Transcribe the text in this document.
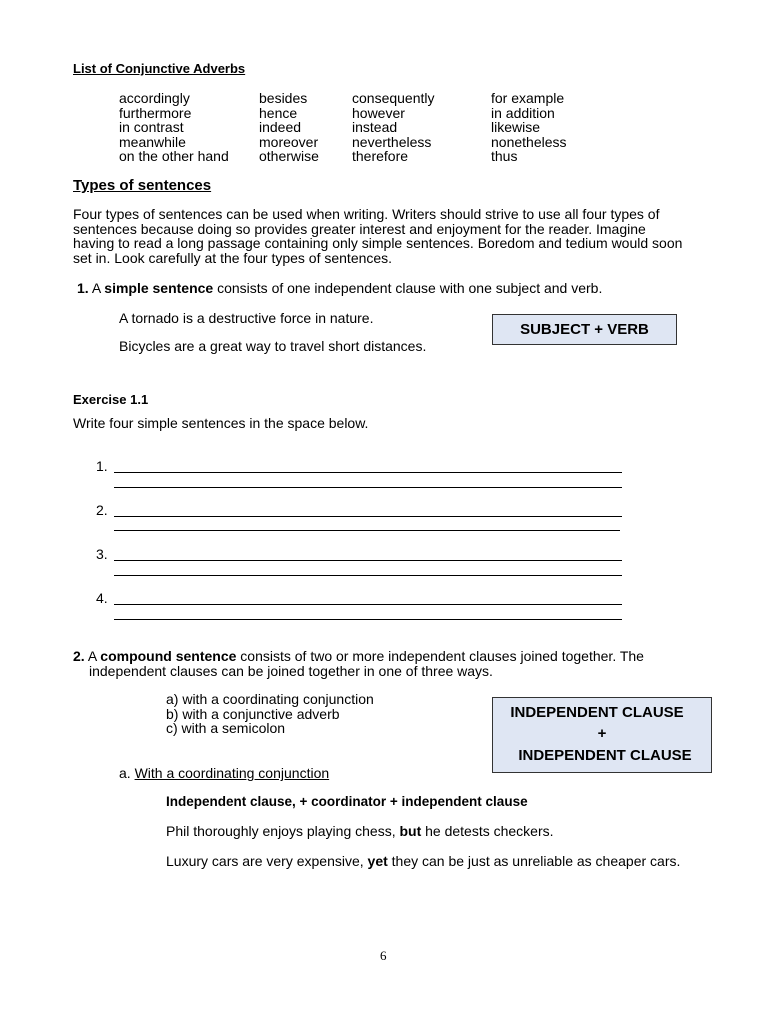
List of Conjunctive Adverbs
accordingly
furthermore
in contrast
meanwhile
on the other hand
besides
hence
indeed
moreover
otherwise
consequently
however
instead
nevertheless
therefore
for example
in addition
likewise
nonetheless
thus
Types of sentences
Four types of sentences can be used when writing. Writers should strive to use all four types of
sentences because doing so provides greater interest and enjoyment for the reader. Imagine
having to read a long passage containing only simple sentences. Boredom and tedium would soon
set in. Look carefully at the four types of sentences.
1. A simple sentence consists of one independent clause with one subject and verb.
A tornado is a destructive force in nature.
Bicycles are a great way to travel short distances.
SUBJECT + VERB
Exercise 1.1
Write four simple sentences in the space below.
1.
2.
3.
4.
2. A compound sentence consists of two or more independent clauses joined together. The
independent clauses can be joined together in one of three ways.
a) with a coordinating conjunction
b) with a conjunctive adverb
c) with a semicolon
INDEPENDENT CLAUSE
+
INDEPENDENT CLAUSE
a. With a coordinating conjunction
Independent clause, + coordinator + independent clause
Phil thoroughly enjoys playing chess, but he detests checkers.
Luxury cars are very expensive, yet they can be just as unreliable as cheaper cars.
6
